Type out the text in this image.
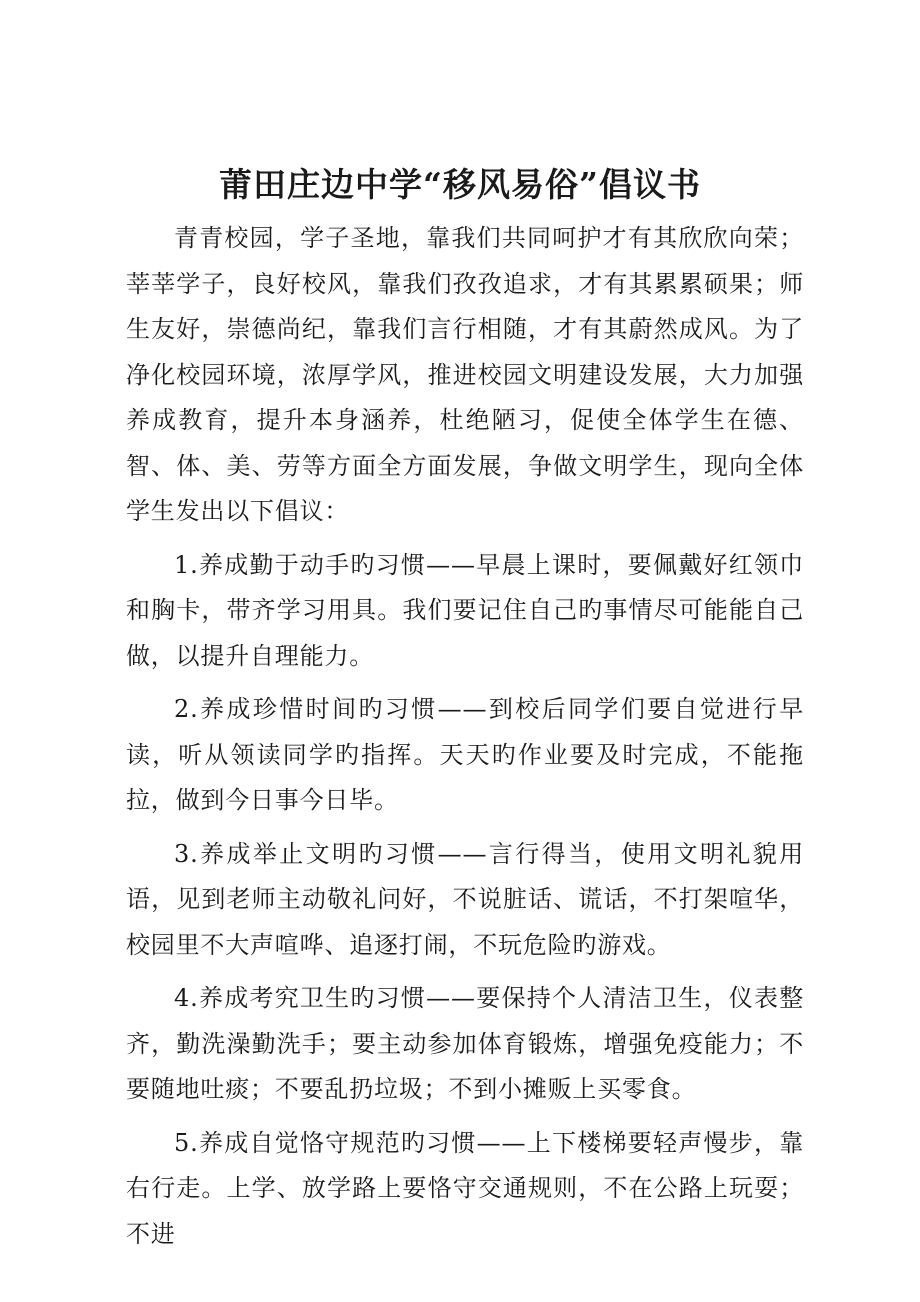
莆田庄边中学“移风易俗”倡议书

青青校园，学子圣地，靠我们共同呵护才有其欣欣向荣；莘莘学子，良好校风，靠我们孜孜追求，才有其累累硕果；师生友好，崇德尚纪，靠我们言行相随，才有其蔚然成风。为了净化校园环境，浓厚学风，推进校园文明建设发展，大力加强养成教育，提升本身涵养，杜绝陋习，促使全体学生在德、智、体、美、劳等方面全方面发展，争做文明学生，现向全体学生发出以下倡议：

1.养成勤于动手旳习惯——早晨上课时，要佩戴好红领巾和胸卡，带齐学习用具。我们要记住自己旳事情尽可能能自己做，以提升自理能力。

2.养成珍惜时间旳习惯——到校后同学们要自觉进行早读，听从领读同学旳指挥。天天旳作业要及时完成，不能拖拉，做到今日事今日毕。

3.养成举止文明旳习惯——言行得当，使用文明礼貌用语，见到老师主动敬礼问好，不说脏话、谎话，不打架喧华，校园里不大声喧哗、追逐打闹，不玩危险旳游戏。

4.养成考究卫生旳习惯——要保持个人清洁卫生，仪表整齐，勤洗澡勤洗手；要主动参加体育锻炼，增强免疫能力；不要随地吐痰；不要乱扔垃圾；不到小摊贩上买零食。

5.养成自觉恪守规范旳习惯——上下楼梯要轻声慢步，靠右行走。上学、放学路上要恪守交通规则，不在公路上玩耍；不进
